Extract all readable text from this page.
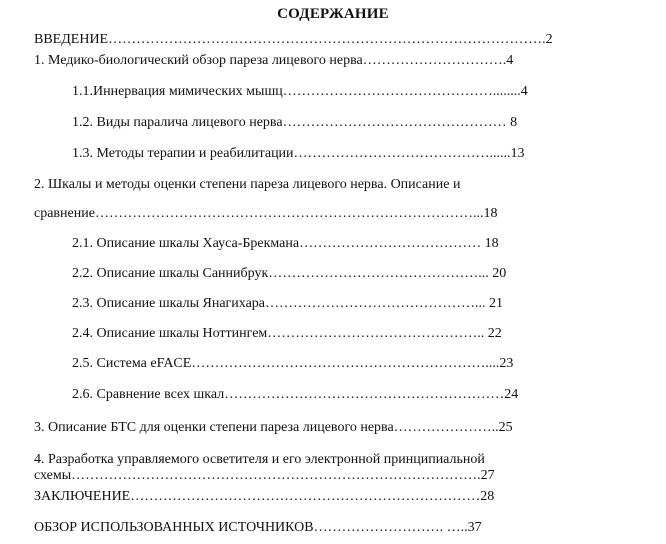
СОДЕРЖАНИЕ
ВВЕДЕНИЕ………………………………………………………………………………….2
1. Медико-биологический обзор пареза лицевого нерва………………………….4
1.1.Иннервация мимических мышц………………………………………........4
1.2. Виды паралича лицевого нерва………………………………………… 8
1.3. Методы терапии и реабилитации……………………………………......13
2. Шкалы и методы оценки степени пареза лицевого нерва. Описание и
сравнение………………………………………………………………………...18
2.1. Описание шкалы Хауса-Брекмана………………………………… 18
2.2. Описание шкалы Саннибрук………………………………………... 20
2.3. Описание шкалы Янагихара………………………………………... 21
2.4. Описание шкалы Ноттингем……………………………………….. 22
2.5. Система eFACE………………………………………………………....23
2.6. Сравнение всех шкал……………………………………………………24
3. Описание БТС для оценки степени пареза лицевого нерва…………………..25
4. Разработка управляемого осветителя и его электронной принципиальной
схемы…………………………………………………………………………….27
ЗАКЛЮЧЕНИЕ…………………………………………………………………28
ОБЗОР ИСПОЛЬЗОВАННЫХ ИСТОЧНИКОВ………………………. …..37
